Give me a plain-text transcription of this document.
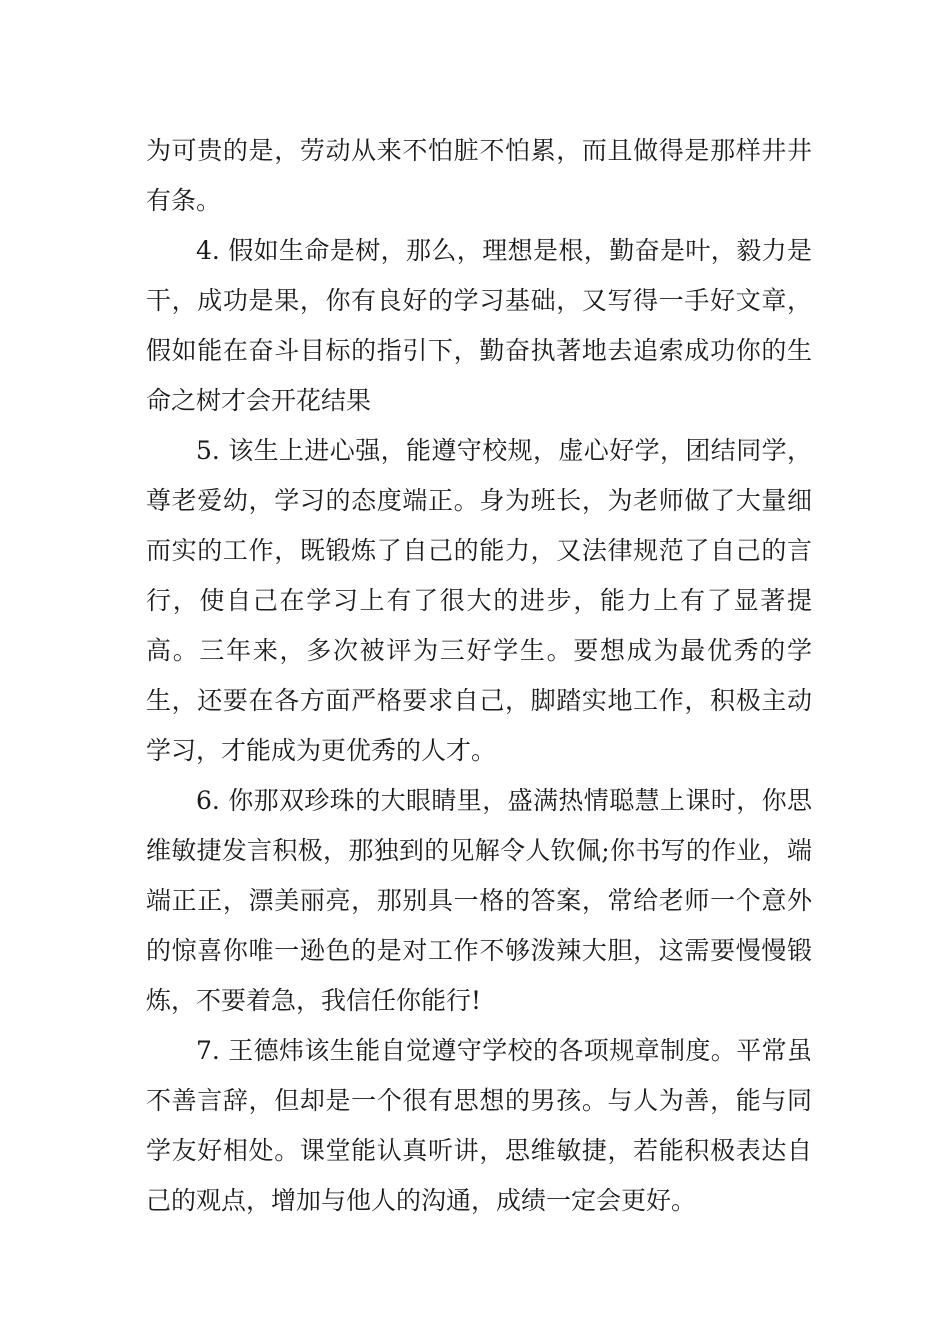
为可贵的是，劳动从来不怕脏不怕累，而且做得是那样井井有条。

4. 假如生命是树，那么，理想是根，勤奋是叶，毅力是干，成功是果，你有良好的学习基础，又写得一手好文章，假如能在奋斗目标的指引下，勤奋执著地去追索成功你的生命之树才会开花结果

5. 该生上进心强，能遵守校规，虚心好学，团结同学，尊老爱幼，学习的态度端正。身为班长，为老师做了大量细而实的工作，既锻炼了自己的能力，又法律规范了自己的言行，使自己在学习上有了很大的进步，能力上有了显著提高。三年来，多次被评为三好学生。要想成为最优秀的学生，还要在各方面严格要求自己，脚踏实地工作，积极主动学习，才能成为更优秀的人才。

6. 你那双珍珠的大眼睛里，盛满热情聪慧上课时，你思维敏捷发言积极，那独到的见解令人钦佩;你书写的作业，端端正正，漂美丽亮，那别具一格的答案，常给老师一个意外的惊喜你唯一逊色的是对工作不够泼辣大胆，这需要慢慢锻炼，不要着急，我信任你能行!

7. 王德炜该生能自觉遵守学校的各项规章制度。平常虽不善言辞，但却是一个很有思想的男孩。与人为善，能与同学友好相处。课堂能认真听讲，思维敏捷，若能积极表达自己的观点，增加与他人的沟通，成绩一定会更好。
